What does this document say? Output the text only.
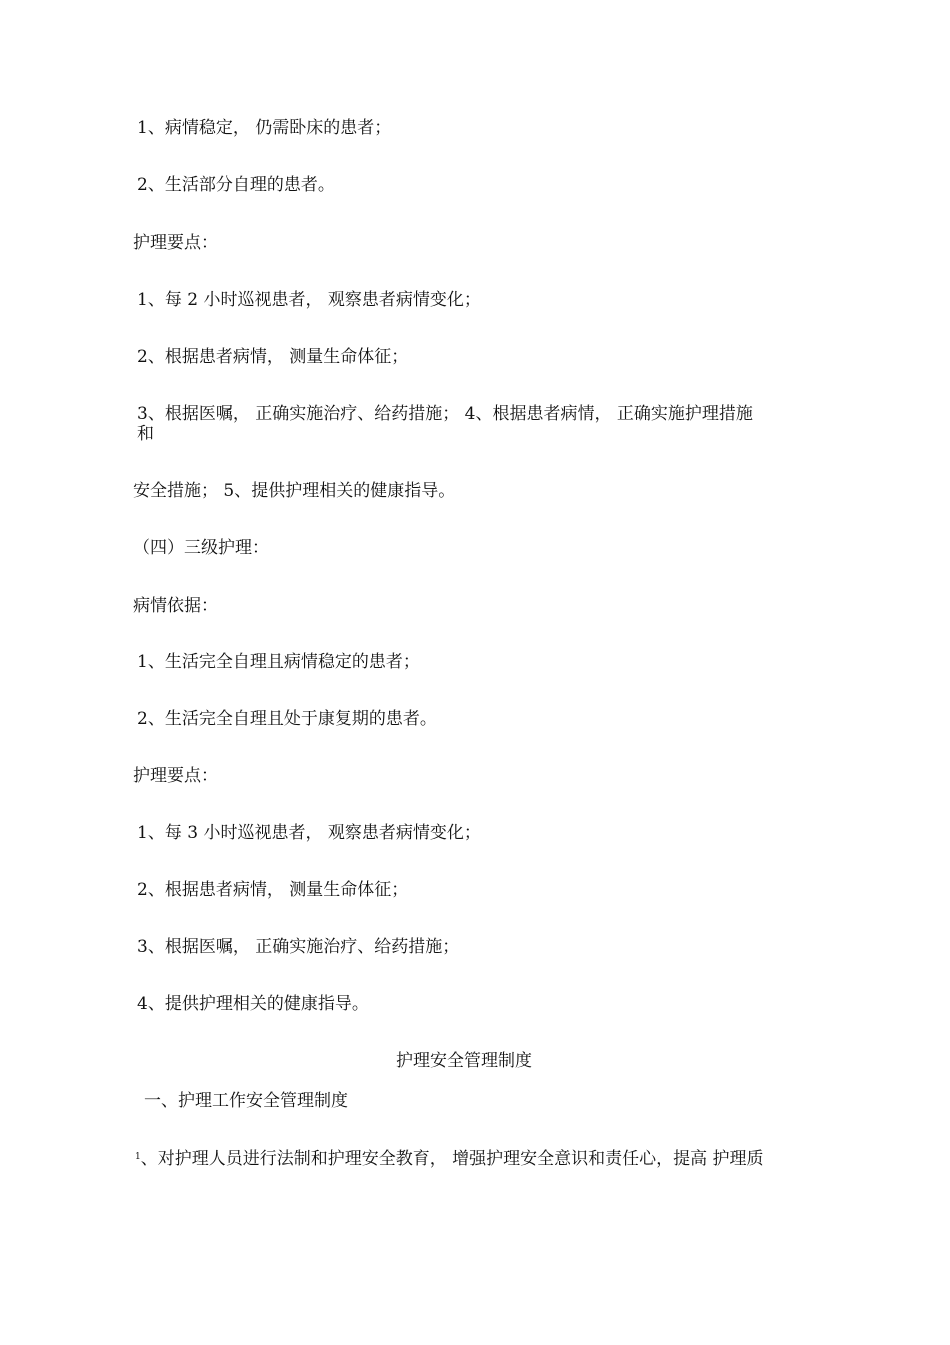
1、病情稳定， 仍需卧床的患者；
2、生活部分自理的患者。
护理要点：
1、每 2 小时巡视患者， 观察患者病情变化；
2、根据患者病情， 测量生命体征；
3、根据医嘱， 正确实施治疗、给药措施； 4、根据患者病情， 正确实施护理措施
和
安全措施； 5、提供护理相关的健康指导。
（四）三级护理：
病情依据：
1、生活完全自理且病情稳定的患者；
2、生活完全自理且处于康复期的患者。
护理要点：
1、每 3 小时巡视患者， 观察患者病情变化；
2、根据患者病情， 测量生命体征；
3、根据医嘱， 正确实施治疗、给药措施；
4、提供护理相关的健康指导。
护理安全管理制度
一、护理工作安全管理制度
$^1$、对护理人员进行法制和护理安全教育， 增强护理安全意识和责任心，提高 护理质
